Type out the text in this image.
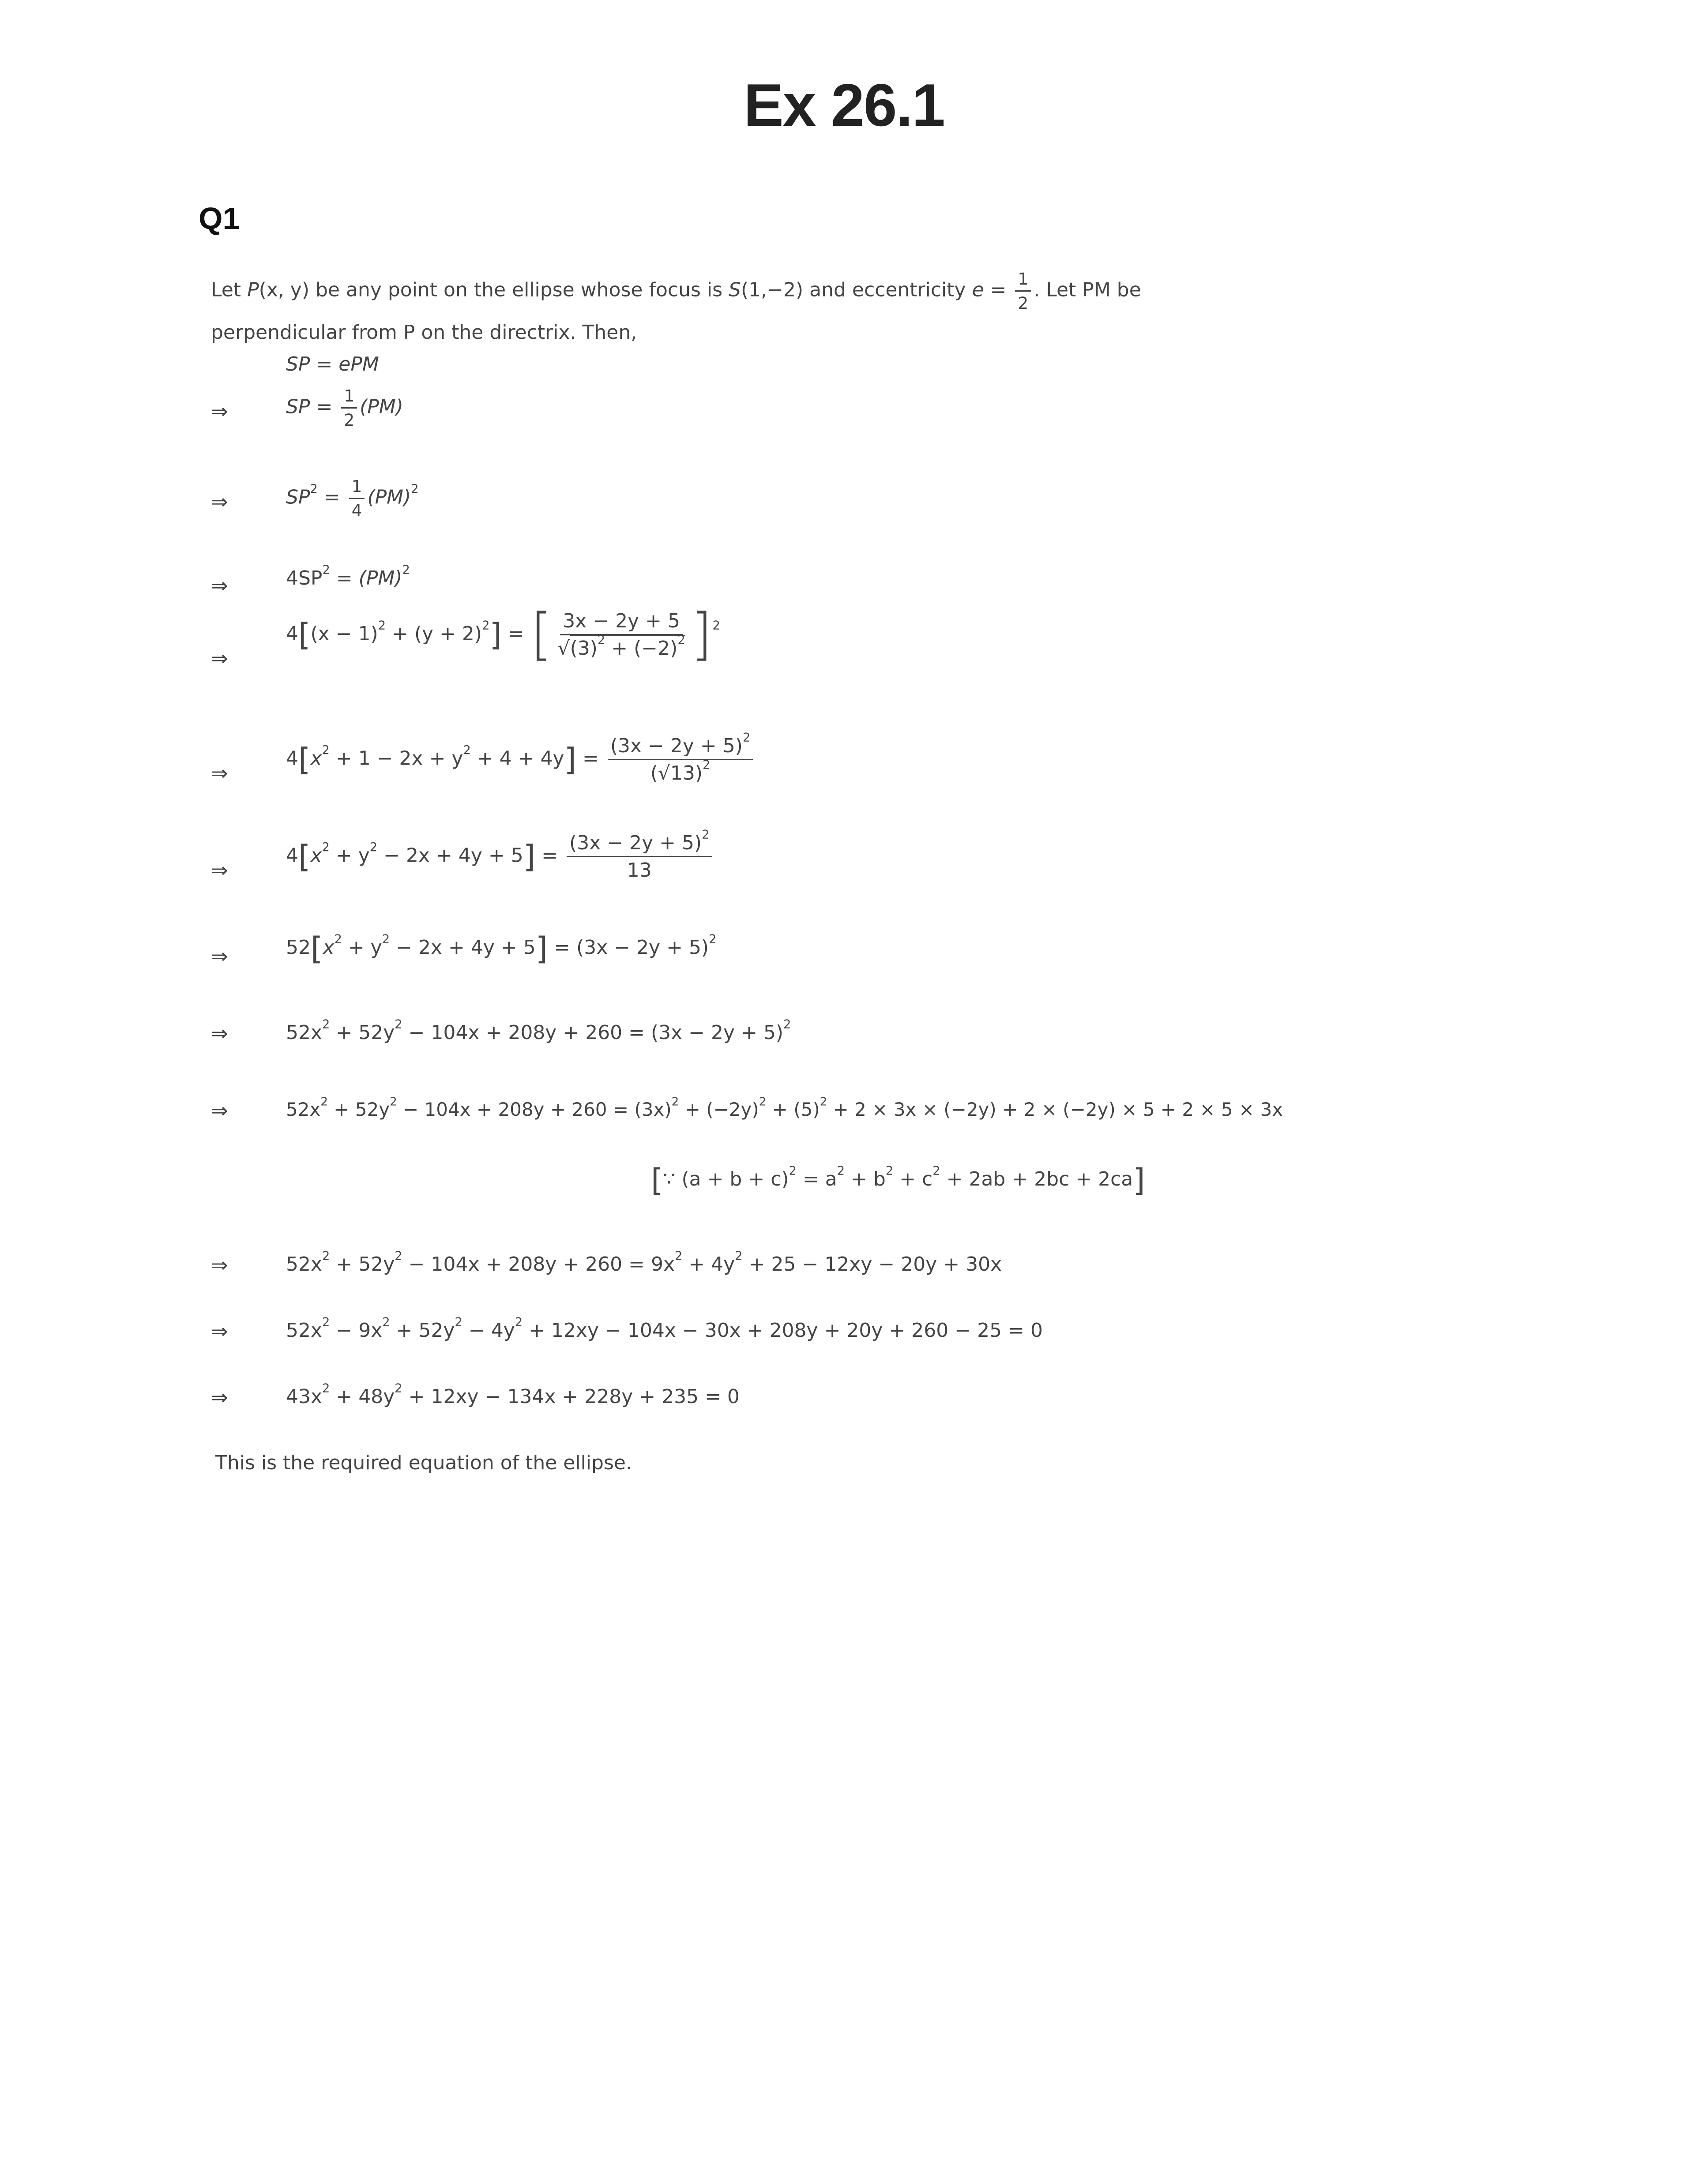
Ex 26.1
Q1
Let P(x, y) be any point on the ellipse whose focus is S(1,−2) and eccentricity $e = \frac{1}{2}$ . Let PM be
perpendicular from P on the directrix. Then,
SP = ePM
⇒	SP = $\frac{1}{2} (PM)$
⇒	$SP^2 = \frac{1}{4} (PM)^2$
⇒	$4SP^2 = (PM)^2$
⇒
$4[(x - 1)^2 + (y + 2)^2]$ = [ $\frac{3x - 2y + 5}{√(3)^2 + (-2)^2} ]^2$
⇒
$4[x^2 + 1 - 2x + y^2 + 4 + 4y] = \frac{(3x - 2y + 5)^2}{(√13)^2}$
⇒
$4[x^2 + y^2 - 2x + 4y + 5] = \frac{(3x - 2y + 5)^2}{13}$
⇒	$52[x^2 + y^2 - 2x + 4y + 5] = (3x - 2y + 5)^2$
⇒	$52x^2 + 52y^2 - 104x + 208y + 260 = (3x - 2y + 5)^2$
⇒	$52x^2 + 52y^2 - 104x + 208y + 260 = (3x)^2 + (-2y)^2 + (5)^2 + 2 \times 3x \times (-2y) + 2 \times (-2y) \times 5 + 2 \times 5 \times 3x$
[∵ $(a + b + c)^2 = a^2 + b^2 + c^2 + 2ab + 2bc + 2ca$]
⇒	$52x^2 + 52y^2 - 104x + 208y + 260 = 9x^2 + 4y^2 + 25 - 12xy - 20y + 30x$
⇒	$52x^2 - 9x^2 + 52y^2 - 4y^2 + 12xy - 104x - 30x + 208y + 20y + 260 - 25 = 0$
⇒	$43x^2 + 48y^2 + 12xy - 134x + 228y + 235 = 0$
This is the required equation of the ellipse.
